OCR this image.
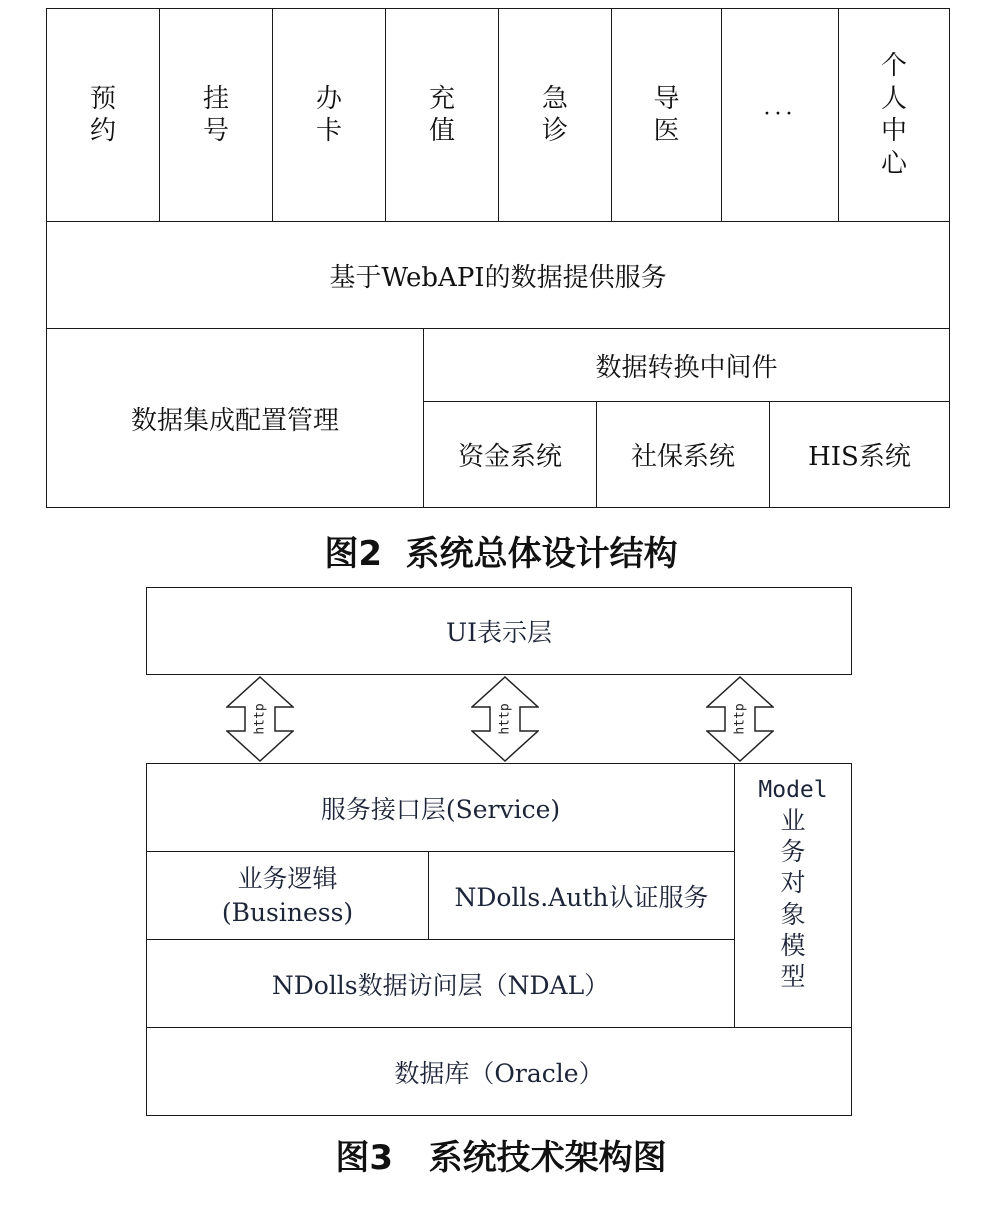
预
约
挂
号
办
卡
充
值
急
诊
导
医
···
个
人
中
心
基于WebAPI的数据提供服务
数据集成配置管理
数据转换中间件
资金系统	社保系统	HIS系统
图2  系统总体设计结构
UI表示层
http	http	http
服务接口层(Service)
业务逻辑
(Business)
NDolls.Auth认证服务
NDolls数据访问层（NDAL）
Model
业
务
对
象
模
型
数据库（Oracle）
图3   系统技术架构图
